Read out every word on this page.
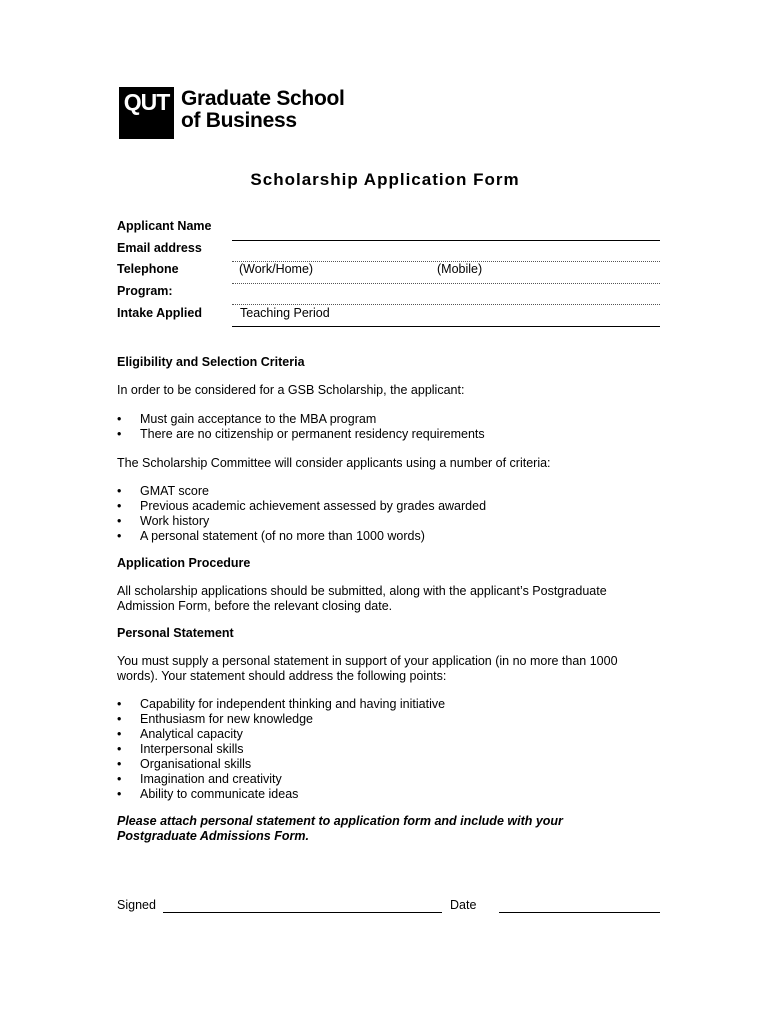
QUT Graduate School
of Business
Scholarship Application Form
Applicant Name
Email address
Telephone	(Work/Home)	(Mobile)
Program:
Intake Applied	Teaching Period
Eligibility and Selection Criteria
In order to be considered for a GSB Scholarship, the applicant:
• Must gain acceptance to the MBA program
• There are no citizenship or permanent residency requirements
The Scholarship Committee will consider applicants using a number of criteria:
• GMAT score
• Previous academic achievement assessed by grades awarded
• Work history
• A personal statement (of no more than 1000 words)
Application Procedure
All scholarship applications should be submitted, along with the applicant’s Postgraduate
Admission Form, before the relevant closing date.
Personal Statement
You must supply a personal statement in support of your application (in no more than 1000
words). Your statement should address the following points:
• Capability for independent thinking and having initiative
• Enthusiasm for new knowledge
• Analytical capacity
• Interpersonal skills
• Organisational skills
• Imagination and creativity
• Ability to communicate ideas
Please attach personal statement to application form and include with your
Postgraduate Admissions Form.
Signed	Date
